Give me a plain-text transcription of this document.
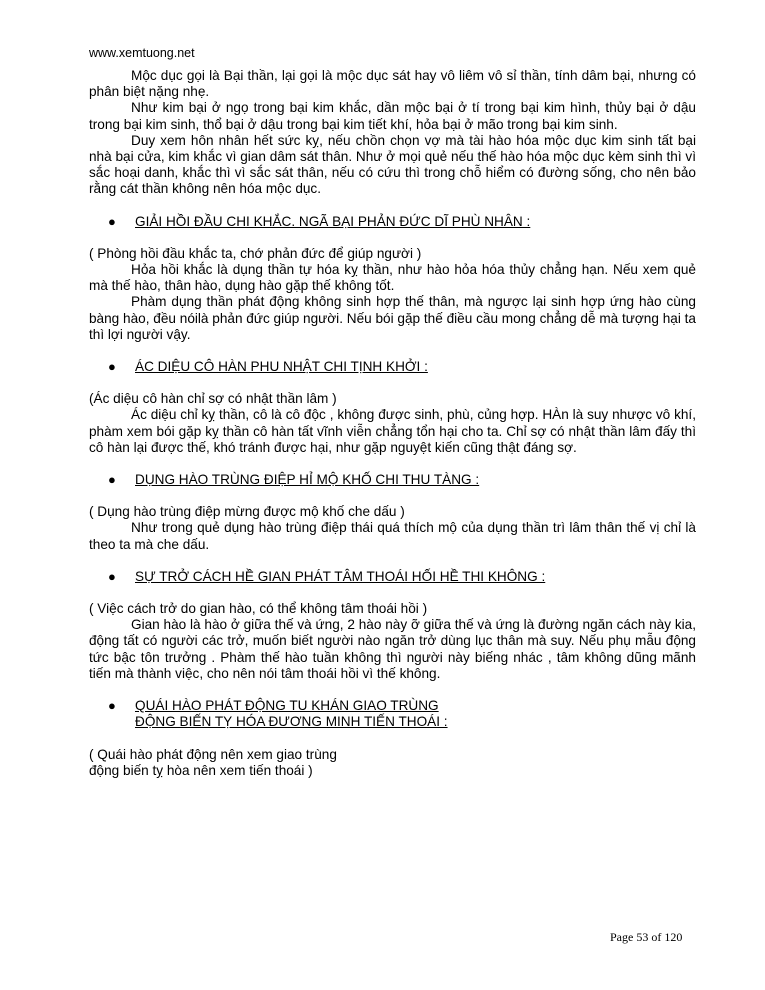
www.xemtuong.net

Mộc dục gọi là Bại thần, lại gọi là mộc dục sát hay vô liêm vô sỉ thần, tính dâm bại, nhưng có phân biệt nặng nhẹ.

Như kim bại ở ngọ trong bại kim khắc, dần mộc bại ở tí trong bại kim hình, thủy bại ở dậu trong bại kim sinh, thổ bại ở dậu trong bại kim tiết khí, hỏa bại ở mão trong bại kim sinh.

Duy xem hôn nhân hết sức kỵ, nếu chồn chọn vợ mà tài hào hóa mộc dục kim sinh tất bại nhà bại cửa, kim khắc vì gian dâm sát thân. Như ở mọi quẻ nếu thế hào hóa mộc dục kèm sinh thì vì sắc hoại danh, khắc thì vì sắc sát thân, nếu có cứu thì trong chỗ hiểm có đường sống, cho nên bảo rằng cát thần không nên hóa mộc dục.

● GIẢI HỒI ĐẦU CHI KHẮC. NGÃ BẠI PHẢN ĐỨC DĨ PHÙ NHÂN :

( Phòng hồi đầu khắc ta, chớ phản đức để giúp người )

Hỏa hồi khắc là dụng thần tự hóa kỵ thần, như hào hỏa hóa thủy chẳng hạn. Nếu xem quẻ mà thế hào, thân hào, dụng hào gặp thế không tốt.

Phàm dụng thần phát động không sinh hợp thế thân, mà ngược lại sinh hợp ứng hào cùng bàng hào, đều nóilà phản đức giúp người. Nếu bói gặp thế điều cầu mong chẳng dễ mà tượng hại ta thì lợi người vậy.

● ÁC DIỆU CÔ HÀN PHU NHẬT CHI TỊNH KHỞI :

(Ác diệu cô hàn chỉ sợ có nhật thần lâm )

Ác diệu chỉ kỵ thần, cô là cô độc , không được sinh, phù, củng hợp. HÀn là suy nhược vô khí, phàm xem bói gặp kỵ thần cô hàn tất vĩnh viễn chẳng tổn hại cho ta. Chỉ sợ có nhật thần lâm đấy thì cô hàn lại được thế, khó tránh được hại, như gặp nguyệt kiến cũng thật đáng sợ.

● DỤNG HÀO TRÙNG ĐIỆP HỈ MỘ KHỐ CHI THU TÀNG :

( Dụng hào trùng điệp mừng được mộ khố che dấu )

Như trong quẻ dụng hào trùng điệp thái quá thích mộ của dụng thần trì lâm thân thế vị chỉ là theo ta mà che dấu.

● SỰ TRỞ CÁCH HỀ GIAN PHÁT TÂM THOÁI HỐI HỀ THI KHÔNG :

( Việc cách trở do gian hào, có thể không tâm thoái hồi )

Gian hào là hào ở giữa thế và ứng, 2 hào này ỡ giữa thế và ứng là đường ngăn cách này kia, động tất có người các trở, muốn biết người nào ngăn trở dùng lục thân mà suy. Nếu phụ mẫu động tức bậc tôn trưởng . Phàm thế hào tuần không thì người này biếng nhác , tâm không dũng mãnh tiến mà thành việc, cho nên nói tâm thoái hồi vì thế không.

● QUÁI HÀO PHÁT ĐỘNG TU KHÁN GIAO TRÙNG
ĐỘNG BIẾN TỴ HÓA ĐƯƠNG MINH TIẾN THOÁI :

( Quái hào phát động nên xem giao trùng

động biến tỵ hòa nên xem tiến thoái )

Page 53 of 120
